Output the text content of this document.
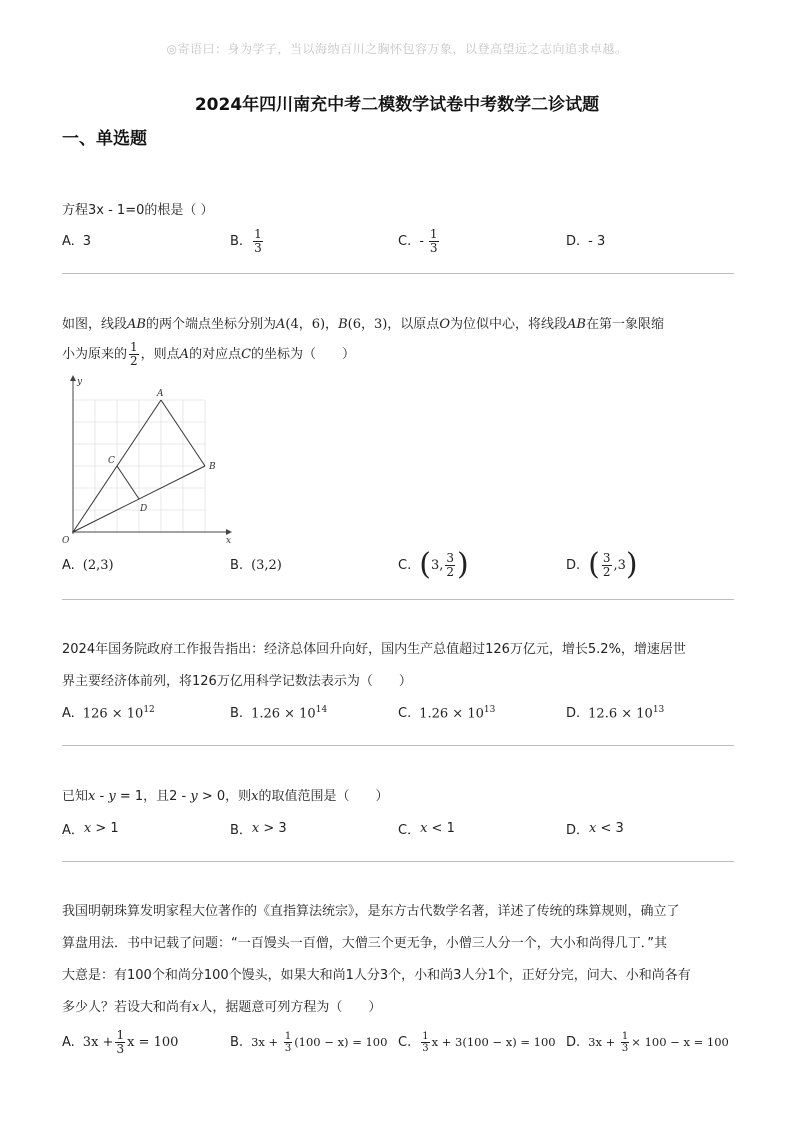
◎寄语曰：身为学子，当以海纳百川之胸怀包容万象，以登高望远之志向追求卓越。
2024年四川南充中考二模数学试卷中考数学二诊试题
一、单选题
方程3x - 1=0的根是（ ）
A. 3	B. $\frac{1}{3}$	C. - $\frac{1}{3}$	D. - 3
如图，线段AB的两个端点坐标分别为A(4，6)，B(6，3)，以原点O为位似中心，将线段AB在第一象限缩
小为原来的 $\frac{1}{2}$ ，则点A的对应点C的坐标为（　　）
x
y
O
A
B
C
D
A. (2,3)	B. (3,2)	C. ( 3, $\frac{3}{2}$ )	D. ( $\frac{3}{2} ,3$ )
2024年国务院政府工作报告指出：经济总体回升向好，国内生产总值超过126万亿元，增长5.2%，增速居世
界主要经济体前列，将126万亿用科学记数法表示为（　　）
A. $126 \times 10^{12}$	B. $1.26 \times 10^{14}$	C. $1.26 \times 10^{13}$	D. $12.6 \times 10^{13}$
已知x - y = 1，且2 - y > 0，则x的取值范围是（　　）
A． x > 1	B． x > 3	C． x < 1	D． x < 3
我国明朝珠算发明家程大位著作的《直指算法统宗》，是东方古代数学名著，详述了传统的珠算规则，确立了
算盘用法．书中记载了问题：“一百馒头一百僧，大僧三个更无争，小僧三人分一个，大小和尚得几丁．”其
大意是：有100个和尚分100个馒头，如果大和尚1人分3个，小和尚3人分1个，正好分完，问大、小和尚各有
多少人？若设大和尚有x人，据题意可列方程为（　　）
A. $3x + \frac{1}{3}$ x = 100	B. $3x + \frac{1}{3} (100 - x) = 100$ C. $\frac{1}{3}$ x + 3(100 − x) = 100 D. $3x + \frac{1}{3} \times 100 - x = 100$
